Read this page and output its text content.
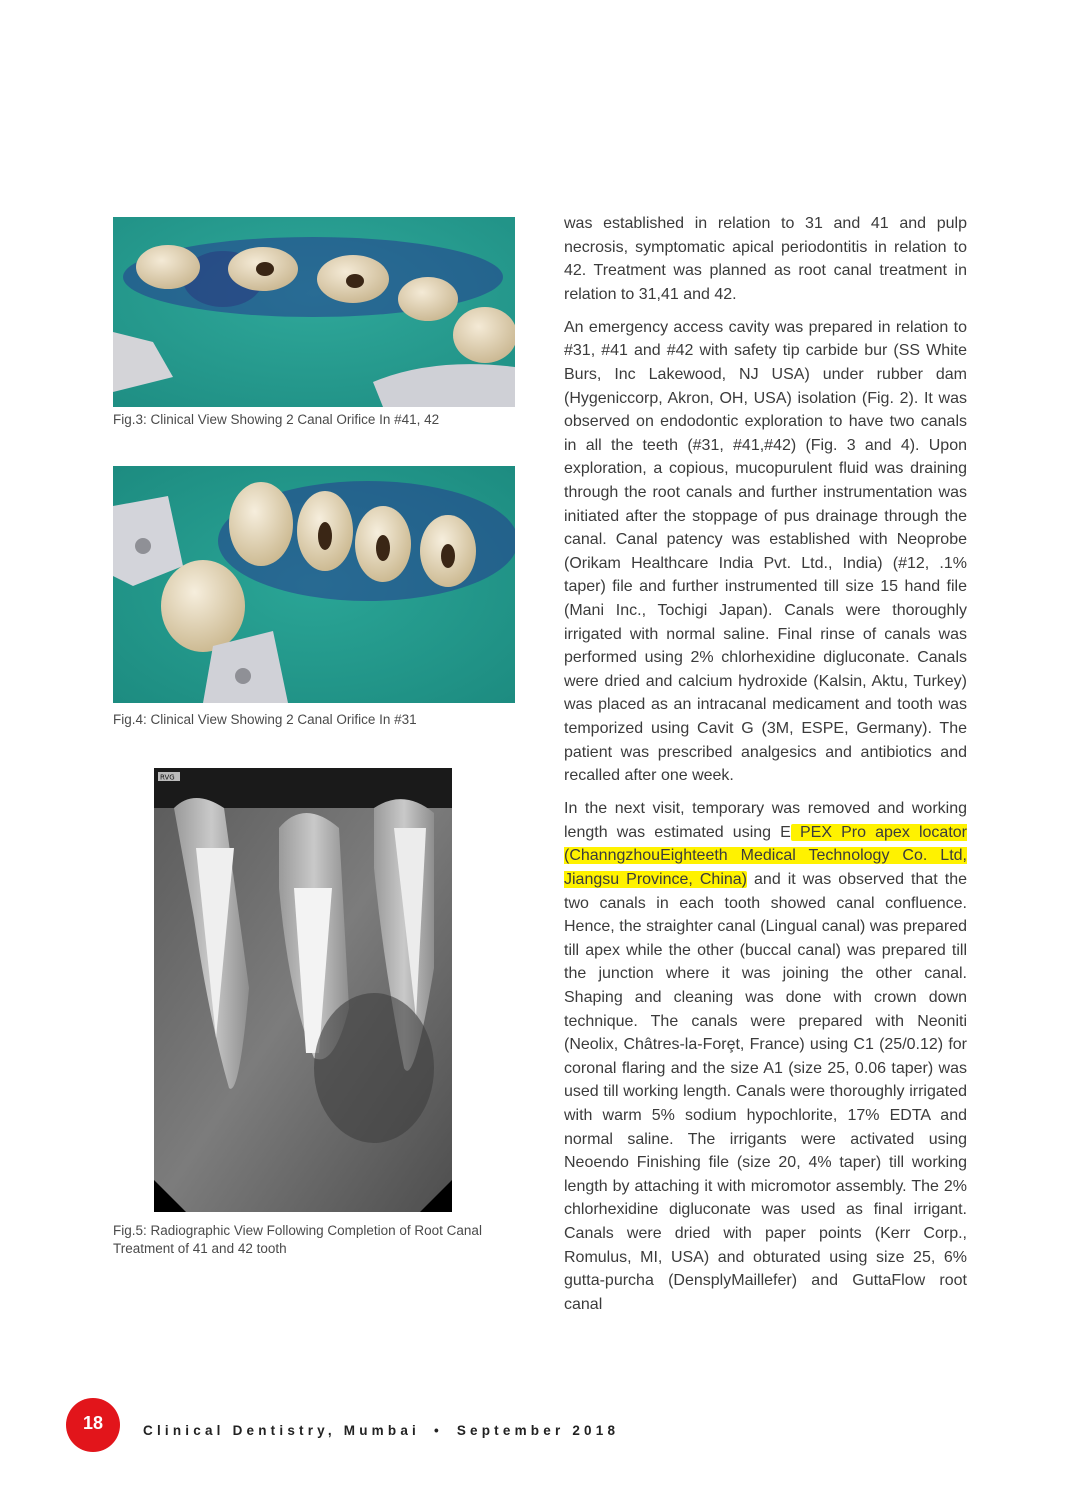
Fig.3: Clinical View Showing 2 Canal Orifice In #41, 42
Fig.4: Clinical View Showing 2 Canal Orifice In #31
RVG
Fig.5: Radiographic View Following Completion of Root Canal Treatment of 41 and 42 tooth

was established in relation to 31 and 41 and pulp necrosis, symptomatic apical periodontitis in relation to 42. Treatment was planned as root canal treatment in relation to 31,41 and 42.

An emergency access cavity was prepared in relation to #31, #41 and #42 with safety tip carbide bur (SS White Burs, Inc Lakewood, NJ USA) under rubber dam (Hygeniccorp, Akron, OH, USA) isolation (Fig. 2). It was observed on endodontic exploration to have two canals in all the teeth (#31, #41,#42) (Fig. 3 and 4). Upon exploration, a copious, mucopurulent fluid was draining through the root canals and further instrumentation was initiated after the stoppage of pus drainage through the canal. Canal patency was established with Neoprobe (Orikam Healthcare India Pvt. Ltd., India) (#12, .1% taper) file and further instrumented till size 15 hand file (Mani Inc., Tochigi Japan). Canals were thoroughly irrigated with normal saline. Final rinse of canals was performed using 2% chlorhexidine digluconate. Canals were dried and calcium hydroxide (Kalsin, Aktu, Turkey) was placed as an intracanal medicament and tooth was temporized using Cavit G (3M, ESPE, Germany). The patient was prescribed analgesics and antibiotics and recalled after one week.

In the next visit, temporary was removed and working length was estimated using E PEX Pro apex locator (ChanngzhouEighteeth Medical Technology Co. Ltd, Jiangsu Province, China) and it was observed that the two canals in each tooth showed canal confluence. Hence, the straighter canal (Lingual canal) was prepared till apex while the other (buccal canal) was prepared till the junction where it was joining the other canal. Shaping and cleaning was done with crown down technique. The canals were prepared with Neoniti (Neolix, Châtres-la-Forȩt, France) using C1 (25/0.12) for coronal flaring and the size A1 (size 25, 0.06 taper) was used till working length. Canals were thoroughly irrigated with warm 5% sodium hypochlorite, 17% EDTA and normal saline. The irrigants were activated using Neoendo Finishing file (size 20, 4% taper) till working length by attaching it with micromotor assembly. The 2% chlorhexidine digluconate was used as final irrigant. Canals were dried with paper points (Kerr Corp., Romulus, MI, USA) and obturated using size 25, 6% gutta-purcha (DensplyMaillefer) and GuttaFlow root canal

18	Clinical Dentistry, Mumbai • September 2018
